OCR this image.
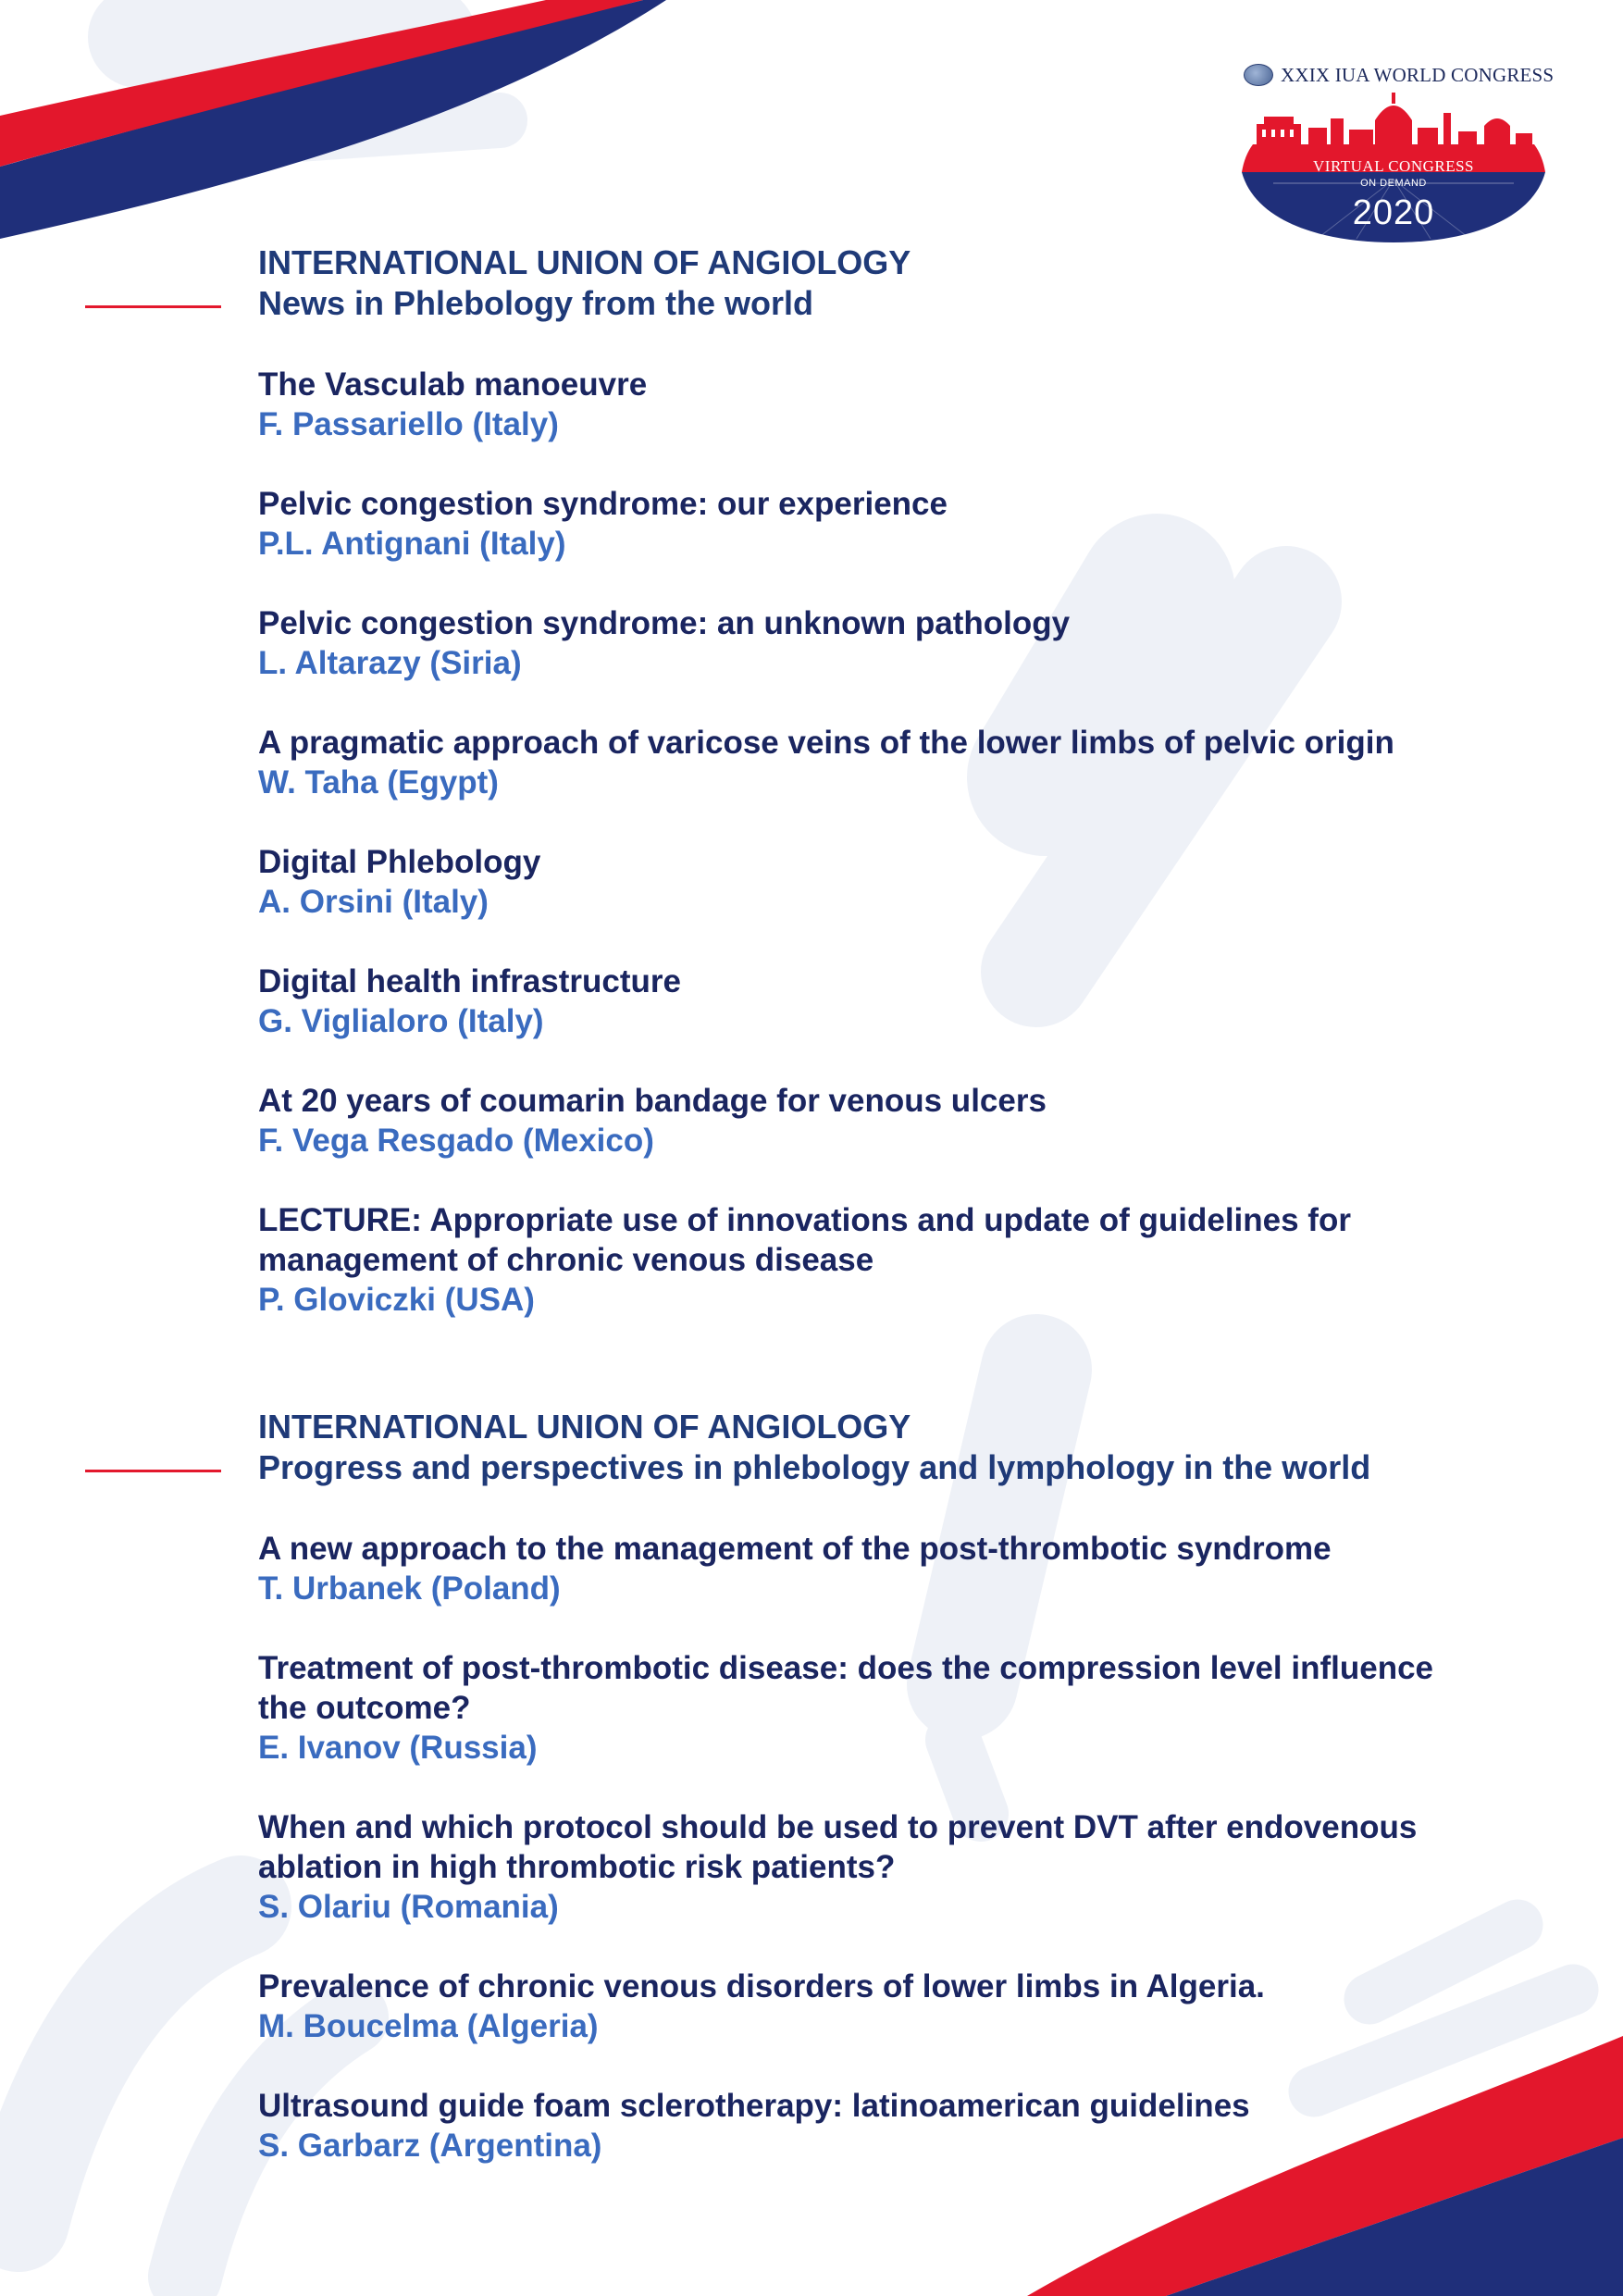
XXIX IUA WORLD CONGRESS
VIRTUAL CONGRESS
ON DEMAND
2020
INTERNATIONAL UNION OF ANGIOLOGY
News in Phlebology from the world

The Vasculab manoeuvre

F. Passariello (Italy)

Pelvic congestion syndrome: our experience

P.L. Antignani (Italy)

Pelvic congestion syndrome: an unknown pathology

L. Altarazy (Siria)

A pragmatic approach of varicose veins of the lower limbs of pelvic origin

W. Taha (Egypt)

Digital Phlebology

A. Orsini (Italy)

Digital health infrastructure

G. Viglialoro (Italy)

At 20 years of coumarin bandage for venous ulcers

F. Vega Resgado (Mexico)

LECTURE: Appropriate use of innovations and update of guidelines for management of chronic venous disease

P. Gloviczki (USA)

INTERNATIONAL UNION OF ANGIOLOGY
Progress and perspectives in phlebology and lymphology in the world

A new approach to the management of the post-thrombotic syndrome

T. Urbanek (Poland)

Treatment of post-thrombotic disease: does the compression level influence the outcome?

E. Ivanov (Russia)

When and which protocol should be used to prevent DVT after endovenous ablation in high thrombotic risk patients?

S. Olariu (Romania)

Prevalence of chronic venous disorders of lower limbs in Algeria.

M. Boucelma (Algeria)

Ultrasound guide foam sclerotherapy: latinoamerican guidelines

S. Garbarz (Argentina)
